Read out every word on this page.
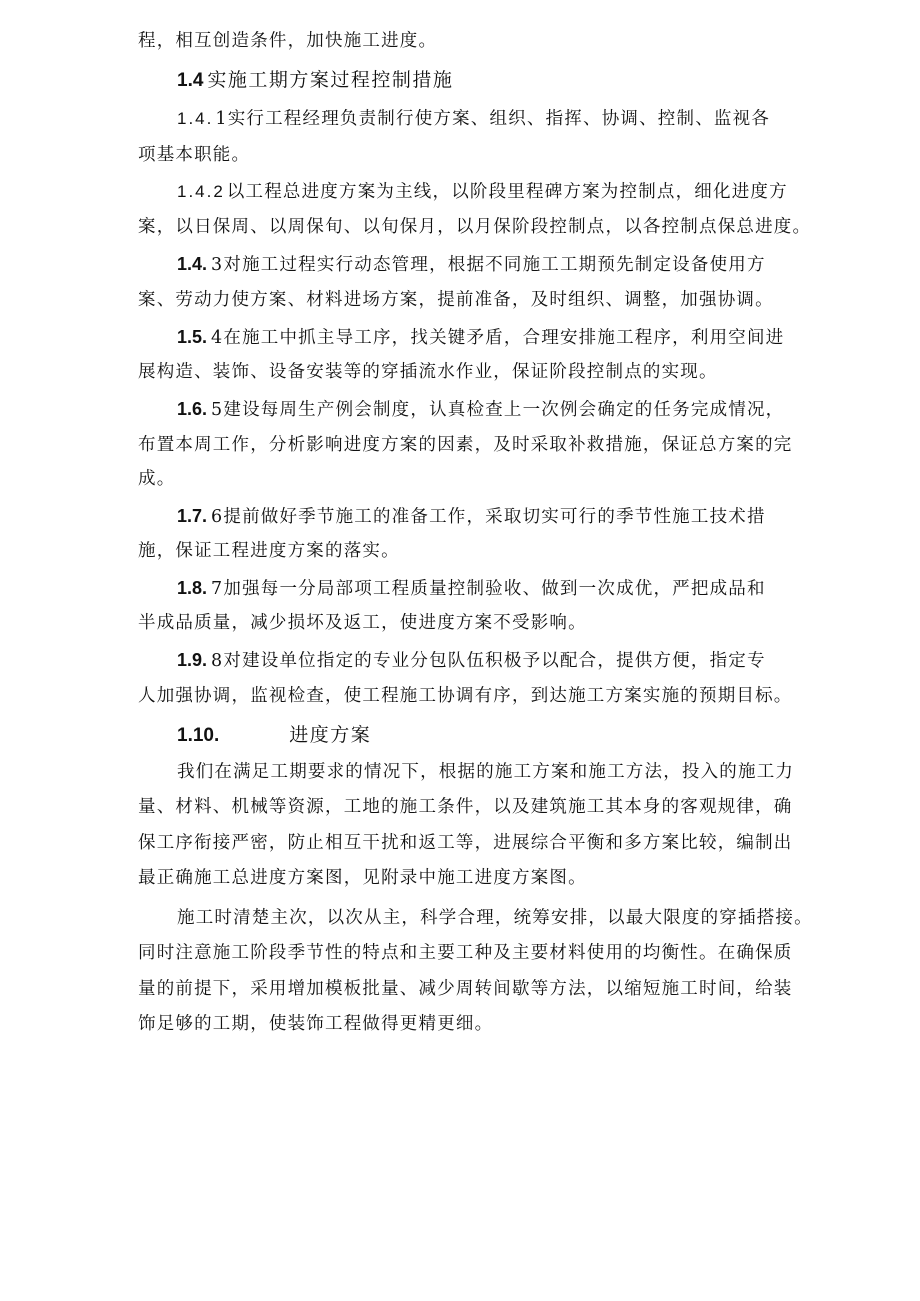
程，相互创造条件，加快施工进度。
1.4 实施工期方案过程控制措施
1.4. 1实行工程经理负责制行使方案、组织、指挥、协调、控制、监视各
项基本职能。
1.4.2 以工程总进度方案为主线，以阶段里程碑方案为控制点，细化进度方
案，以日保周、以周保旬、以旬保月，以月保阶段控制点，以各控制点保总进度。
1.4. 3对施工过程实行动态管理，根据不同施工工期预先制定设备使用方
案、劳动力使方案、材料进场方案，提前准备，及时组织、调整，加强协调。
1.5. 4在施工中抓主导工序，找关键矛盾，合理安排施工程序，利用空间进
展构造、装饰、设备安装等的穿插流水作业，保证阶段控制点的实现。
1.6. 5建设每周生产例会制度，认真检查上一次例会确定的任务完成情况，
布置本周工作，分析影响进度方案的因素，及时采取补救措施，保证总方案的完
成。
1.7. 6提前做好季节施工的准备工作，采取切实可行的季节性施工技术措
施，保证工程进度方案的落实。
1.8. 7加强每一分局部项工程质量控制验收、做到一次成优，严把成品和
半成品质量，减少损坏及返工，使进度方案不受影响。
1.9. 8对建设单位指定的专业分包队伍积极予以配合，提供方便，指定专
人加强协调，监视检查，使工程施工协调有序，到达施工方案实施的预期目标。
1.10.	进度方案
我们在满足工期要求的情况下，根据的施工方案和施工方法，投入的施工力
量、材料、机械等资源，工地的施工条件，以及建筑施工其本身的客观规律，确
保工序衔接严密，防止相互干扰和返工等，进展综合平衡和多方案比较，编制出
最正确施工总进度方案图，见附录中施工进度方案图。
施工时清楚主次，以次从主，科学合理，统筹安排，以最大限度的穿插搭接。
同时注意施工阶段季节性的特点和主要工种及主要材料使用的均衡性。在确保质
量的前提下，采用增加模板批量、减少周转间歇等方法，以缩短施工时间，给装
饰足够的工期，使装饰工程做得更精更细。
